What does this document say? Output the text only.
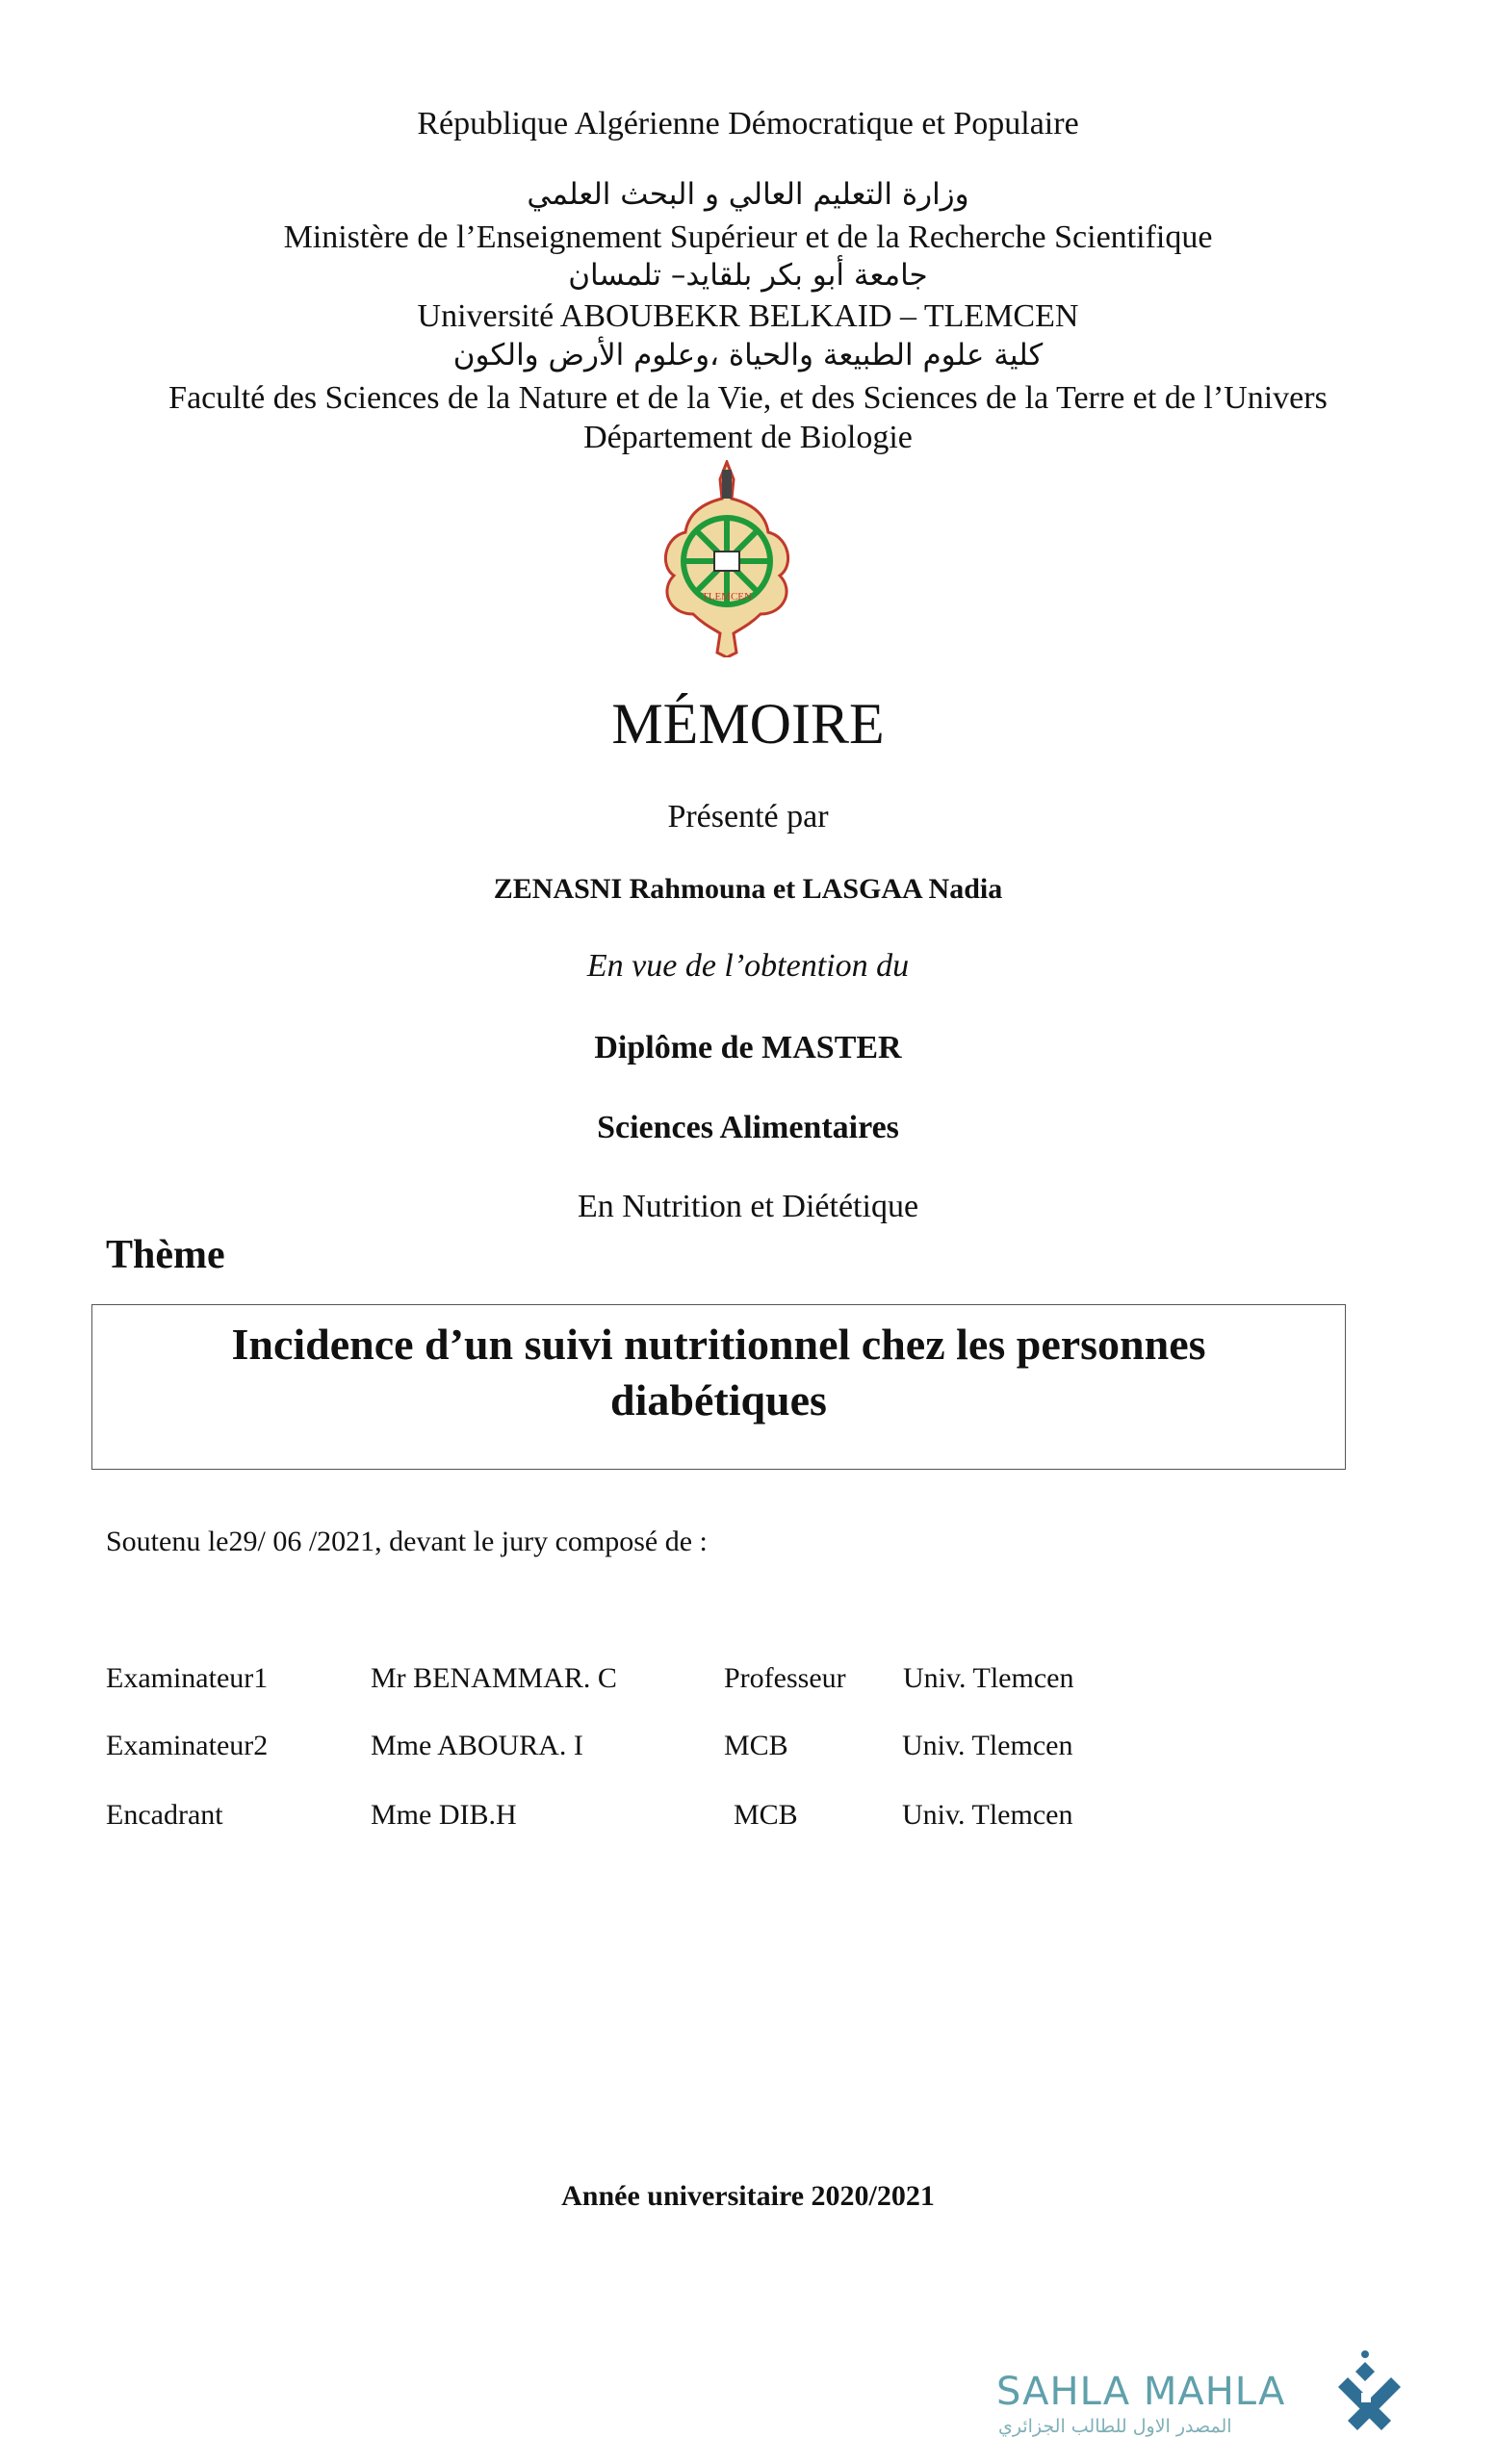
République Algérienne Démocratique et Populaire
وزارة التعليم العالي و البحث العلمي
Ministère de l’Enseignement Supérieur et de la Recherche Scientifique
جامعة أبو بكر بلقايد– تلمسان
Université ABOUBEKR BELKAID – TLEMCEN
كلية علوم الطبيعة والحياة ،وعلوم الأرض والكون
Faculté des Sciences de la Nature et de la Vie, et des Sciences de la Terre et de l’Univers
Département de Biologie
TLEMCEN
MÉMOIRE
Présenté par
ZENASNI Rahmouna et LASGAA Nadia
En vue de l’obtention du
Diplôme de MASTER
Sciences Alimentaires
En Nutrition et Diététique
Thème
Incidence d’un suivi nutritionnel chez les personnes diabétiques
Soutenu le29/ 06 /2021, devant le jury composé de :
Examinateur1	Mr BENAMMAR. C	Professeur Univ. Tlemcen
Examinateur2	Mme ABOURA. I	MCB	Univ. Tlemcen
Encadrant	Mme DIB.H	MCB	Univ. Tlemcen
Année universitaire 2020/2021
SAHLA MAHLA
المصدر الاول للطالب الجزائري
